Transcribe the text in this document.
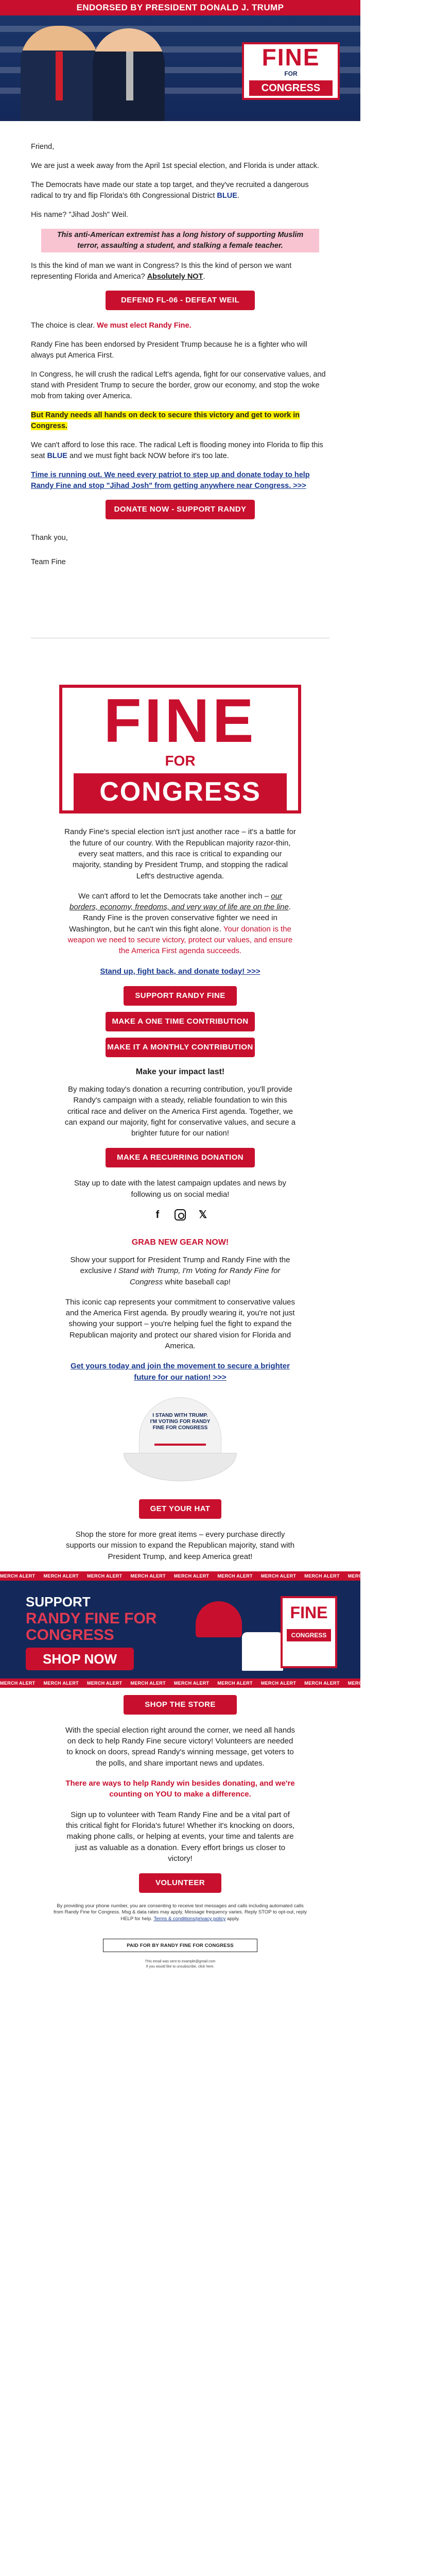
ENDORSED BY PRESIDENT DONALD J. TRUMP
FINE
FOR
CONGRESS

Friend,

We are just a week away from the April 1st special election, and Florida is under attack.

The Democrats have made our state a top target, and they've recruited a dangerous radical to try and flip Florida's 6th Congressional District BLUE.

His name? "Jihad Josh" Weil.

This anti-American extremist has a long history of supporting Muslim terror, assaulting a student, and stalking a female teacher.

Is this the kind of man we want in Congress? Is this the kind of person we want representing Florida and America? Absolutely NOT.

DEFEND FL-06 - DEFEAT WEIL

The choice is clear. We must elect Randy Fine.

Randy Fine has been endorsed by President Trump because he is a fighter who will always put America First.

In Congress, he will crush the radical Left's agenda, fight for our conservative values, and stand with President Trump to secure the border, grow our economy, and stop the woke mob from taking over America.

But Randy needs all hands on deck to secure this victory and get to work in Congress.

We can't afford to lose this race. The radical Left is flooding money into Florida to flip this seat BLUE and we must fight back NOW before it's too late.

Time is running out. We need every patriot to step up and donate today to help Randy Fine and stop "Jihad Josh" from getting anywhere near Congress. >>>

DONATE NOW - SUPPORT RANDY

Thank you,

Team Fine

FINE
FOR
CONGRESS

Randy Fine's special election isn't just another race – it's a battle for the future of our country. With the Republican majority razor-thin, every seat matters, and this race is critical to expanding our majority, standing by President Trump, and stopping the radical Left's destructive agenda.

We can't afford to let the Democrats take another inch – our borders, economy, freedoms, and very way of life are on the line. Randy Fine is the proven conservative fighter we need in Washington, but he can't win this fight alone. Your donation is the weapon we need to secure victory, protect our values, and ensure the America First agenda succeeds.

Stand up, fight back, and donate today! >>>

SUPPORT RANDY FINE
MAKE A ONE TIME CONTRIBUTION
MAKE IT A MONTHLY CONTRIBUTION
Make your impact last!

By making today's donation a recurring contribution, you'll provide Randy's campaign with a steady, reliable foundation to win this critical race and deliver on the America First agenda. Together, we can expand our majority, fight for conservative values, and secure a brighter future for our nation!

MAKE A RECURRING DONATION

Stay up to date with the latest campaign updates and news by following us on social media!

f	𝕏
GRAB NEW GEAR NOW!

Show your support for President Trump and Randy Fine with the exclusive I Stand with Trump, I'm Voting for Randy Fine for Congress white baseball cap!

This iconic cap represents your commitment to conservative values and the America First agenda. By proudly wearing it, you're not just showing your support – you're helping fuel the fight to expand the Republican majority and protect our shared vision for Florida and America.

Get yours today and join the movement to secure a brighter future for our nation! >>>

I STAND WITH TRUMP. I'M VOTING FOR RANDY FINE FOR CONGRESS
GET YOUR HAT

Shop the store for more great items – every purchase directly supports our mission to expand the Republican majority, stand with President Trump, and keep America great!

MERCH ALERT MERCH ALERT MERCH ALERT MERCH ALERT MERCH ALERT MERCH ALERT MERCH ALERT MERCH ALERT MERCH ALERT MERCH ALERT
SUPPORT
RANDY FINE FOR CONGRESS
SHOP NOW
FINE
CONGRESS
MERCH ALERT MERCH ALERT MERCH ALERT MERCH ALERT MERCH ALERT MERCH ALERT MERCH ALERT MERCH ALERT MERCH ALERT MERCH ALERT
SHOP THE STORE

With the special election right around the corner, we need all hands on deck to help Randy Fine secure victory! Volunteers are needed to knock on doors, spread Randy's winning message, get voters to the polls, and share important news and updates.

There are ways to help Randy win besides donating, and we're counting on YOU to make a difference.

Sign up to volunteer with Team Randy Fine and be a vital part of this critical fight for Florida's future! Whether it's knocking on doors, making phone calls, or helping at events, your time and talents are just as valuable as a donation. Every effort brings us closer to victory!

VOLUNTEER
By providing your phone number, you are consenting to receive text messages and calls including automated calls from Randy Fine for Congress. Msg & data rates may apply. Message frequency varies. Reply STOP to opt-out, reply HELP for help. Terms & conditions/privacy policy apply.
PAID FOR BY RANDY FINE FOR CONGRESS
This email was sent to example@gmail.com
If you would like to unsubscribe, click here.
